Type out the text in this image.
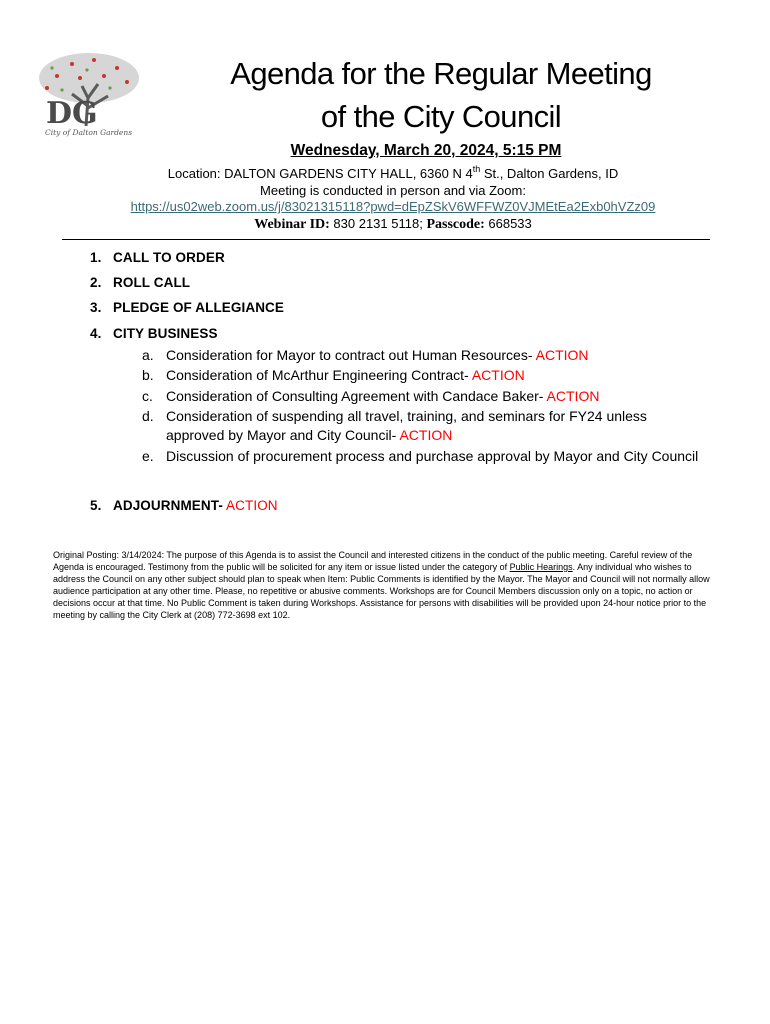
DG
City of Dalton Gardens
Agenda for the Regular Meeting
of the City Council
Wednesday, March 20, 2024, 5:15 PM
Location: DALTON GARDENS CITY HALL, 6360 N 4th St., Dalton Gardens, ID
Meeting is conducted in person and via Zoom:
https://us02web.zoom.us/j/83021315118?pwd=dEpZSkV6WFFWZ0VJMEtEa2Exb0hVZz09
Webinar ID: 830 2131 5118; Passcode: 668533
1. CALL TO ORDER
2. ROLL CALL
3. PLEDGE OF ALLEGIANCE
4. CITY BUSINESS
a. Consideration for Mayor to contract out Human Resources- ACTION
b. Consideration of McArthur Engineering Contract- ACTION
c. Consideration of Consulting Agreement with Candace Baker- ACTION
d. Consideration of suspending all travel, training, and seminars for FY24 unless approved by Mayor and City Council- ACTION
e. Discussion of procurement process and purchase approval by Mayor and City Council
5. ADJOURNMENT- ACTION
Original Posting: 3/14/2024: The purpose of this Agenda is to assist the Council and interested citizens in the conduct of the public meeting. Careful review of the Agenda is encouraged. Testimony from the public will be solicited for any item or issue listed under the category of Public Hearings. Any individual who wishes to address the Council on any other subject should plan to speak when Item: Public Comments is identified by the Mayor. The Mayor and Council will not normally allow audience participation at any other time. Please, no repetitive or abusive comments. Workshops are for Council Members discussion only on a topic, no action or decisions occur at that time. No Public Comment is taken during Workshops. Assistance for persons with disabilities will be provided upon 24-hour notice prior to the meeting by calling the City Clerk at (208) 772-3698 ext 102.
